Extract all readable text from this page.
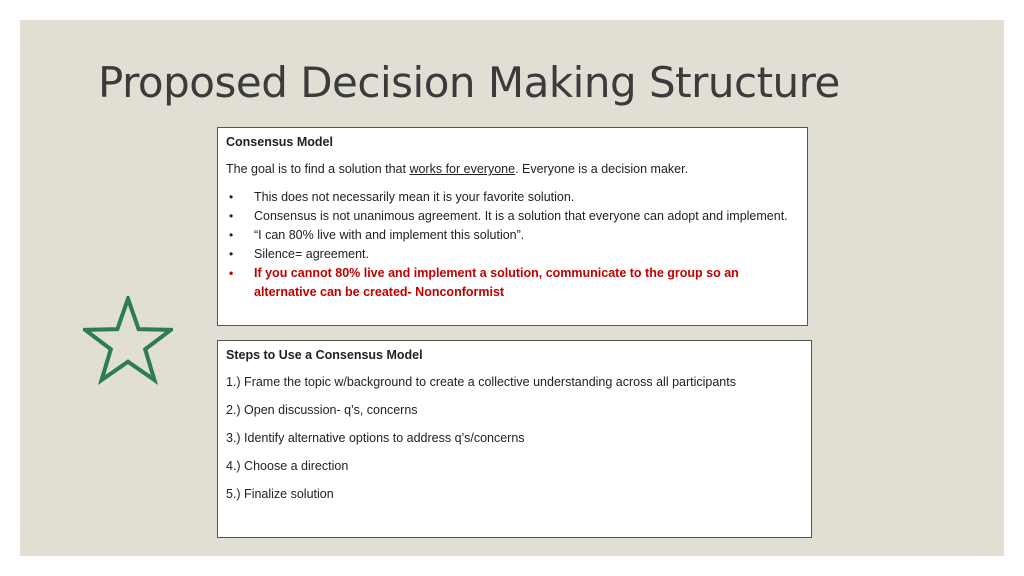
Proposed Decision Making Structure
Consensus Model
The goal is to find a solution that works for everyone. Everyone is a decision maker.
• This does not necessarily mean it is your favorite solution.
• Consensus is not unanimous agreement. It is a solution that everyone can adopt and implement.
• “I can 80% live with and implement this solution”.
• Silence= agreement.
• If you cannot 80% live and implement a solution, communicate to the group so an alternative can be created- Nonconformist
Steps to Use a Consensus Model
1.) Frame the topic w/background to create a collective understanding across all participants
2.) Open discussion- q’s, concerns
3.) Identify alternative options to address q’s/concerns
4.) Choose a direction
5.) Finalize solution
